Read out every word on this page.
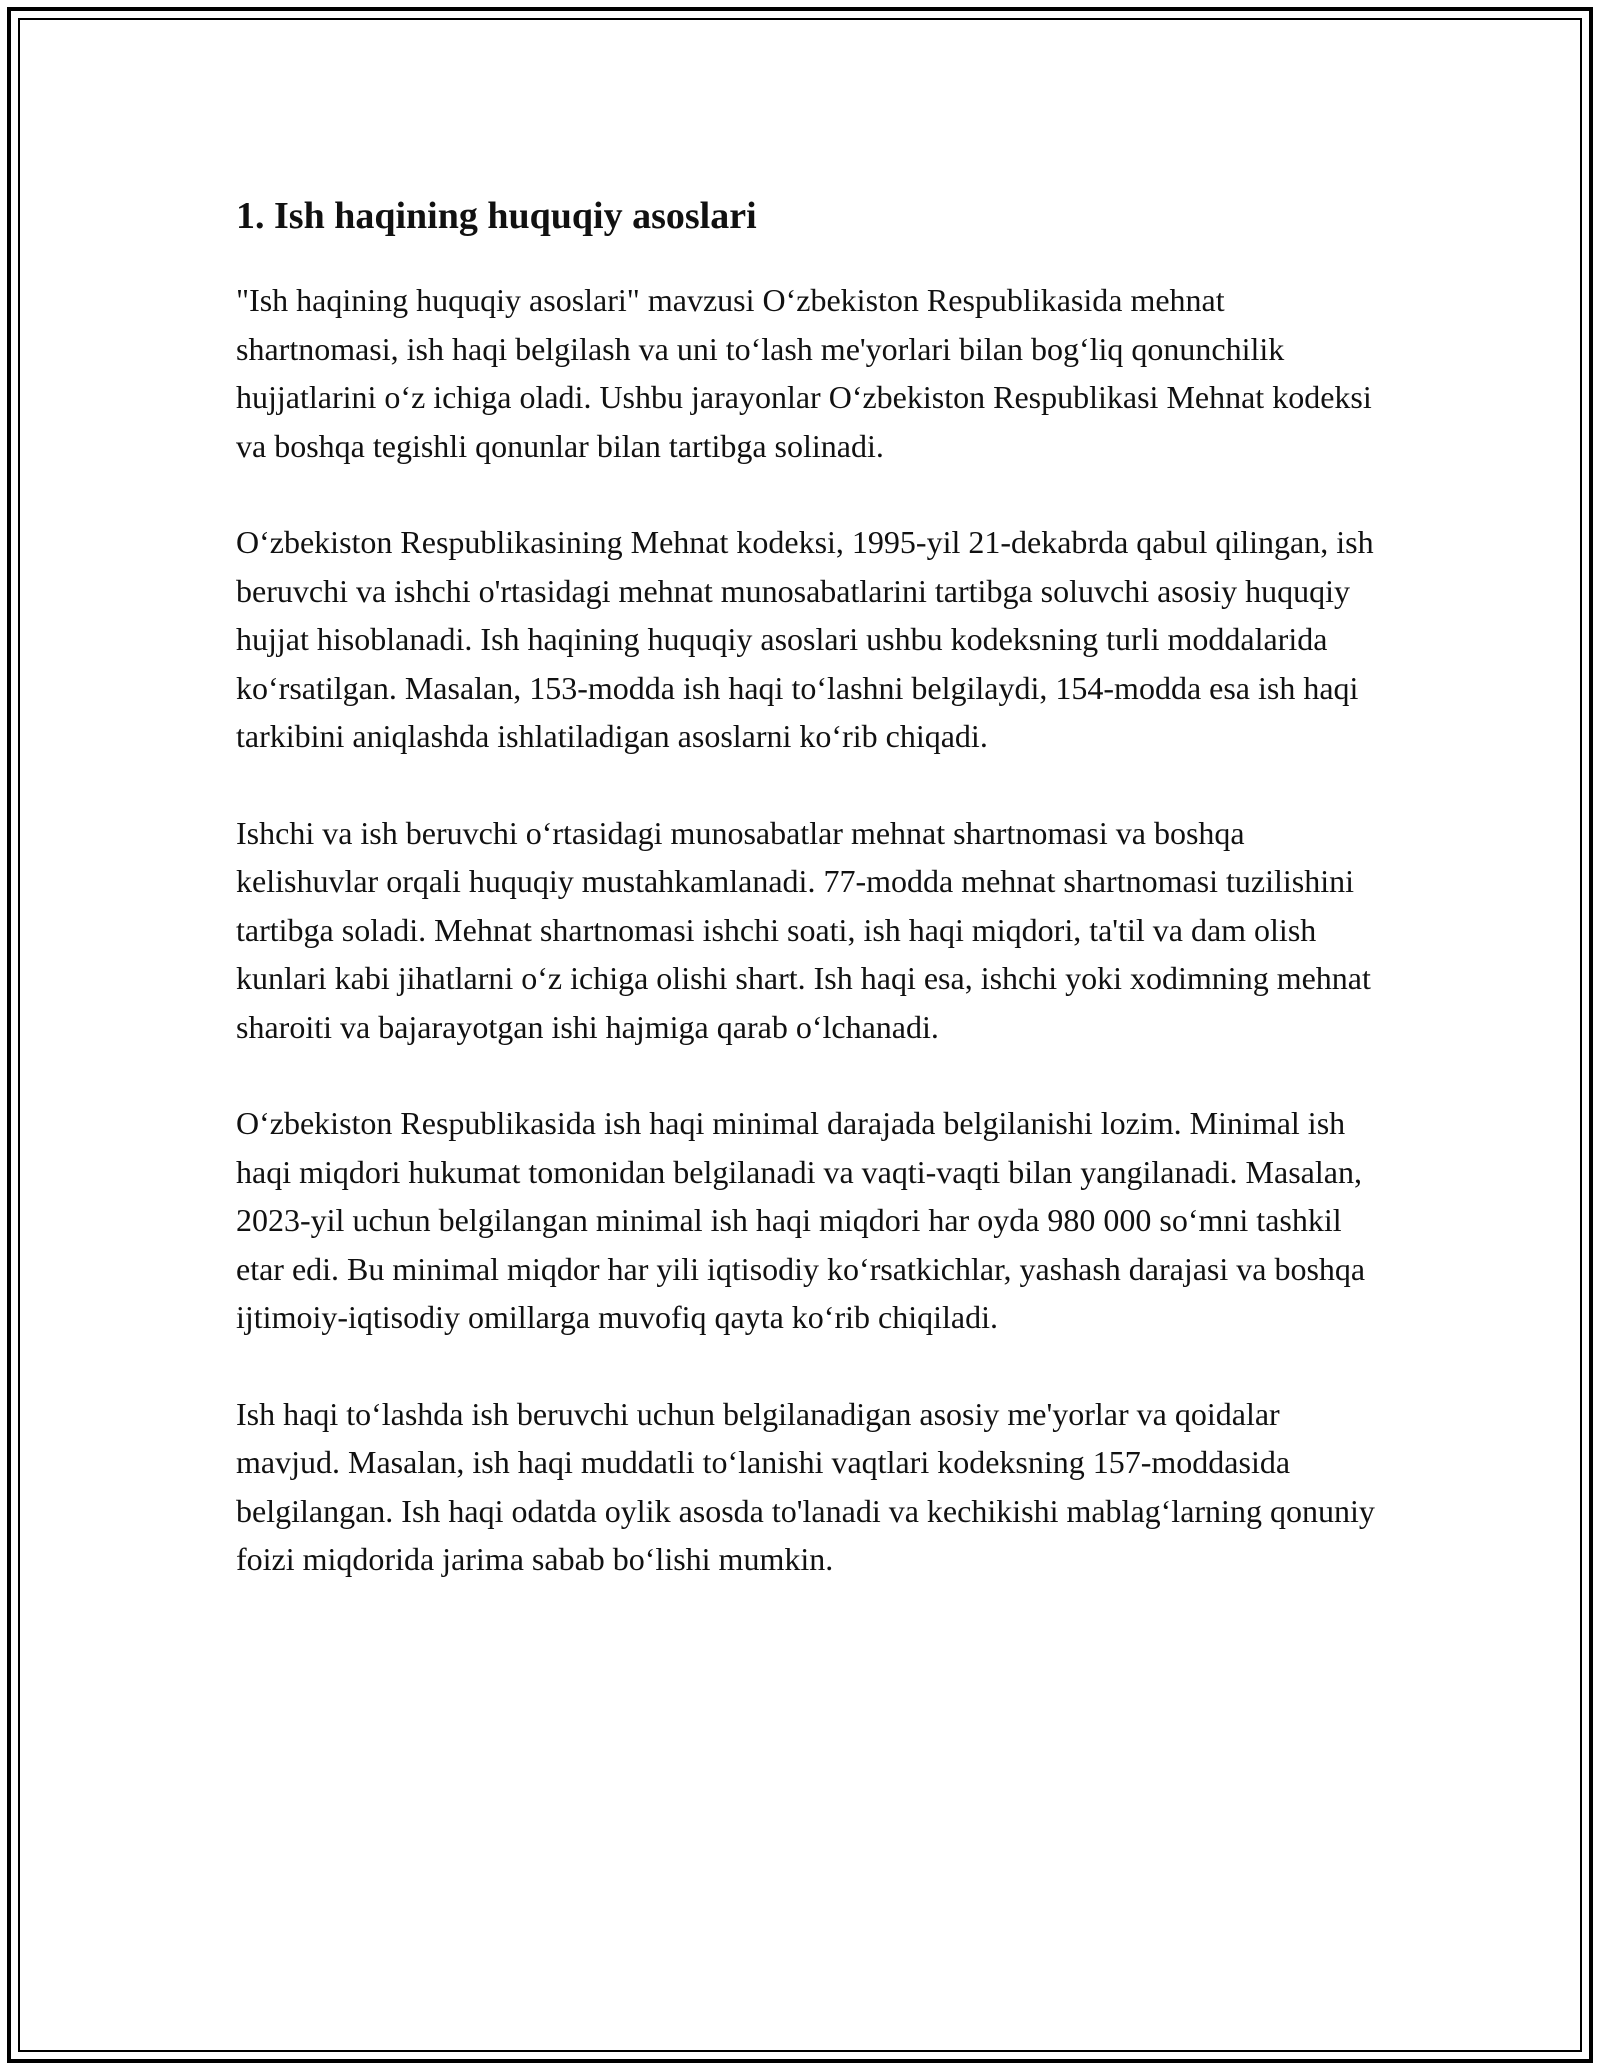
1. Ish haqining huquqiy asoslari

"Ish haqining huquqiy asoslari" mavzusi Oʻzbekiston Respublikasida mehnat shartnomasi, ish haqi belgilash va uni toʻlash me'yorlari bilan bogʻliq qonunchilik hujjatlarini oʻz ichiga oladi. Ushbu jarayonlar Oʻzbekiston Respublikasi Mehnat kodeksi va boshqa tegishli qonunlar bilan tartibga solinadi.

Oʻzbekiston Respublikasining Mehnat kodeksi, 1995-yil 21-dekabrda qabul qilingan, ish beruvchi va ishchi o'rtasidagi mehnat munosabatlarini tartibga soluvchi asosiy huquqiy hujjat hisoblanadi. Ish haqining huquqiy asoslari ushbu kodeksning turli moddalarida koʻrsatilgan. Masalan, 153-modda ish haqi toʻlashni belgilaydi, 154-modda esa ish haqi tarkibini aniqlashda ishlatiladigan asoslarni koʻrib chiqadi.

Ishchi va ish beruvchi oʻrtasidagi munosabatlar mehnat shartnomasi va boshqa kelishuvlar orqali huquqiy mustahkamlanadi. 77-modda mehnat shartnomasi tuzilishini tartibga soladi. Mehnat shartnomasi ishchi soati, ish haqi miqdori, ta'til va dam olish kunlari kabi jihatlarni oʻz ichiga olishi shart. Ish haqi esa, ishchi yoki xodimning mehnat sharoiti va bajarayotgan ishi hajmiga qarab oʻlchanadi.

Oʻzbekiston Respublikasida ish haqi minimal darajada belgilanishi lozim. Minimal ish haqi miqdori hukumat tomonidan belgilanadi va vaqti-vaqti bilan yangilanadi. Masalan, 2023-yil uchun belgilangan minimal ish haqi miqdori har oyda 980 000 soʻmni tashkil etar edi. Bu minimal miqdor har yili iqtisodiy koʻrsatkichlar, yashash darajasi va boshqa ijtimoiy-iqtisodiy omillarga muvofiq qayta koʻrib chiqiladi.

Ish haqi toʻlashda ish beruvchi uchun belgilanadigan asosiy me'yorlar va qoidalar mavjud. Masalan, ish haqi muddatli toʻlanishi vaqtlari kodeksning 157-moddasida belgilangan. Ish haqi odatda oylik asosda to'lanadi va kechikishi mablagʻlarning qonuniy foizi miqdorida jarima sabab boʻlishi mumkin.
